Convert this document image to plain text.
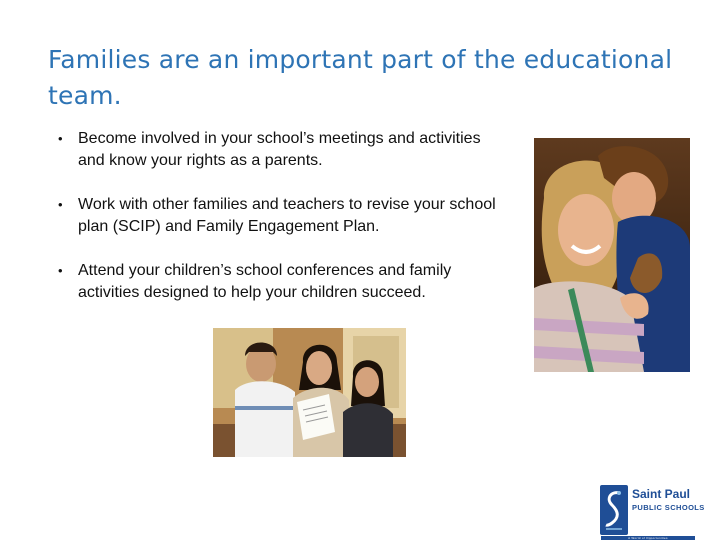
Families are an important part of the educational team.
• Become involved in your school’s meetings and activities and know your rights as a parents.
• Work with other families and teachers to revise your school plan (SCIP) and Family Engagement Plan.
• Attend your children’s school conferences and family activities designed to help your children succeed.
Saint Paul
PUBLIC SCHOOLS
A World of Opportunities
